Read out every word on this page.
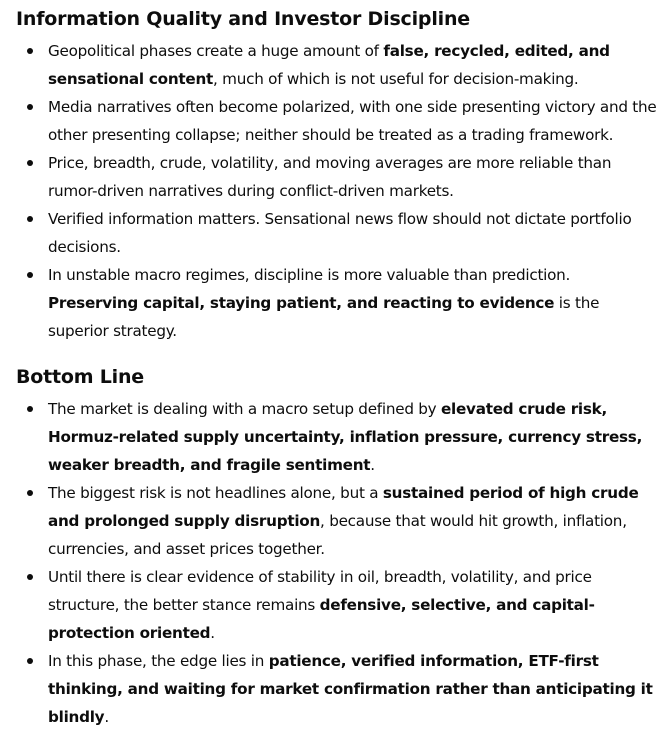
Information Quality and Investor Discipline
Geopolitical phases create a huge amount of false, recycled, edited, and sensational content, much of which is not useful for decision-making.
Media narratives often become polarized, with one side presenting victory and the other presenting collapse; neither should be treated as a trading framework.
Price, breadth, crude, volatility, and moving averages are more reliable than rumor-driven narratives during conflict-driven markets.
Verified information matters. Sensational news flow should not dictate portfolio decisions.
In unstable macro regimes, discipline is more valuable than prediction. Preserving capital, staying patient, and reacting to evidence is the superior strategy.
Bottom Line
The market is dealing with a macro setup defined by elevated crude risk, Hormuz-related supply uncertainty, inflation pressure, currency stress, weaker breadth, and fragile sentiment.
The biggest risk is not headlines alone, but a sustained period of high crude and prolonged supply disruption, because that would hit growth, inflation, currencies, and asset prices together.
Until there is clear evidence of stability in oil, breadth, volatility, and price structure, the better stance remains defensive, selective, and capital-protection oriented.
In this phase, the edge lies in patience, verified information, ETF-first thinking, and waiting for market confirmation rather than anticipating it blindly.
